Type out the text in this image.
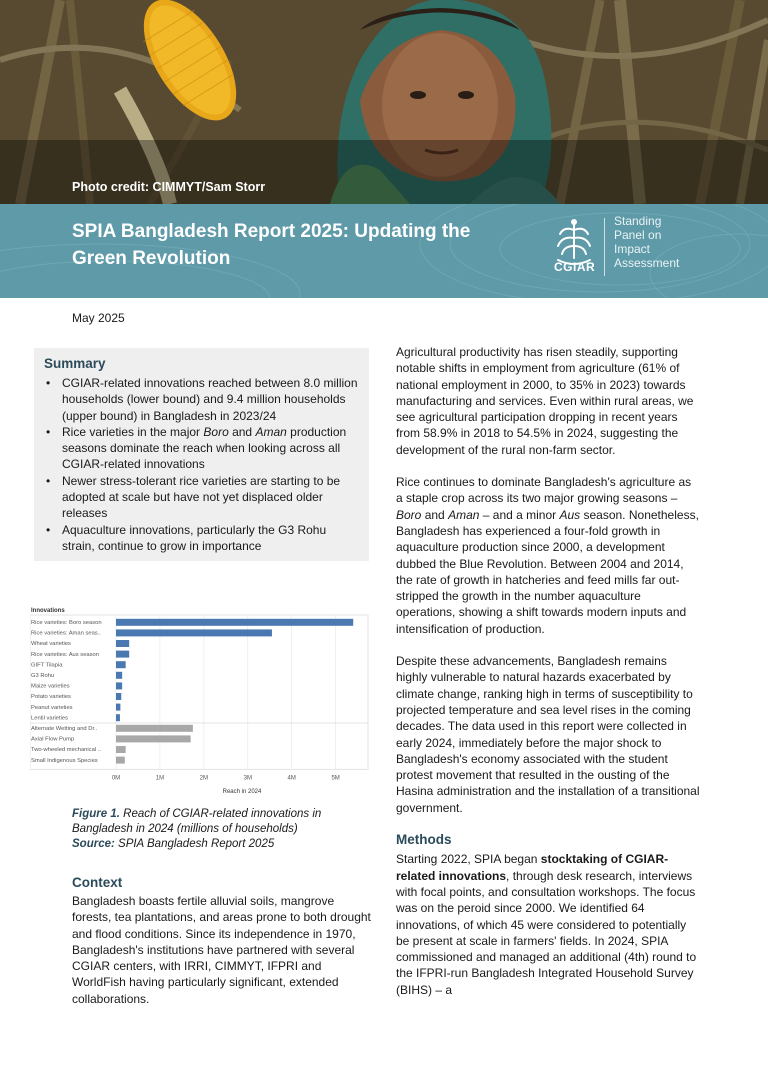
Photo credit: CIMMYT/Sam Storr
SPIA Bangladesh Report 2025: Updating the Green Revolution	CGIAR
Standing
Panel on
Impact
Assessment
May 2025
Summary
• CGIAR-related innovations reached between 8.0 million households (lower bound) and 9.4 million households (upper bound) in Bangladesh in 2023/24
• Rice varieties in the major Boro and Aman production seasons dominate the reach when looking across all CGIAR-related innovations
• Newer stress-tolerant rice varieties are starting to be adopted at scale but have not yet displaced older releases
• Aquaculture innovations, particularly the G3 Rohu strain, continue to grow in importance
Innovations
Reach in 2024
0M	1M	2M	3M	4M	5M
Rice varieties: Boro season
Rice varieties: Aman seas..
Wheat varieties
Rice varieties: Aus season
GIFT Tilapia
G3 Rohu
Maize varieties
Potato varieties
Peanut varieties
Lentil varieties
Alternate Wetting and Dr..
Axial Flow Pump
Two-wheeled mechanical ..
Small Indigenous Species
Figure 1. Reach of CGIAR-related innovations in Bangladesh in 2024 (millions of households)
Source: SPIA Bangladesh Report 2025
Context
Bangladesh boasts fertile alluvial soils, mangrove forests, tea plantations, and areas prone to both drought and flood conditions. Since its independence in 1970, Bangladesh's institutions have partnered with several CGIAR centers, with IRRI, CIMMYT, IFPRI and WorldFish having particularly significant, extended collaborations.

Agricultural productivity has risen steadily, supporting notable shifts in employment from agriculture (61% of national employment in 2000, to 35% in 2023) towards manufacturing and services. Even within rural areas, we see agricultural participation dropping in recent years from 58.9% in 2018 to 54.5% in 2024, suggesting the development of the rural non-farm sector.

Rice continues to dominate Bangladesh's agriculture as a staple crop across its two major growing seasons – Boro and Aman – and a minor Aus season. Nonetheless, Bangladesh has experienced a four-fold growth in aquaculture production since 2000, a development dubbed the Blue Revolution. Between 2004 and 2014, the rate of growth in hatcheries and feed mills far out-stripped the growth in the number aquaculture operations, showing a shift towards modern inputs and intensification of production.

Despite these advancements, Bangladesh remains highly vulnerable to natural hazards exacerbated by climate change, ranking high in terms of susceptibility to projected temperature and sea level rises in the coming decades. The data used in this report were collected in early 2024, immediately before the major shock to Bangladesh's economy associated with the student protest movement that resulted in the ousting of the Hasina administration and the installation of a transitional government.

Methods

Starting 2022, SPIA began stocktaking of CGIAR-related innovations, through desk research, interviews with focal points, and consultation workshops. The focus was on the peroid since 2000. We identified 64 innovations, of which 45 were considered to potentially be present at scale in farmers' fields. In 2024, SPIA commissioned and managed an additional (4th) round to the IFPRI-run Bangladesh Integrated Household Survey (BIHS) – a
